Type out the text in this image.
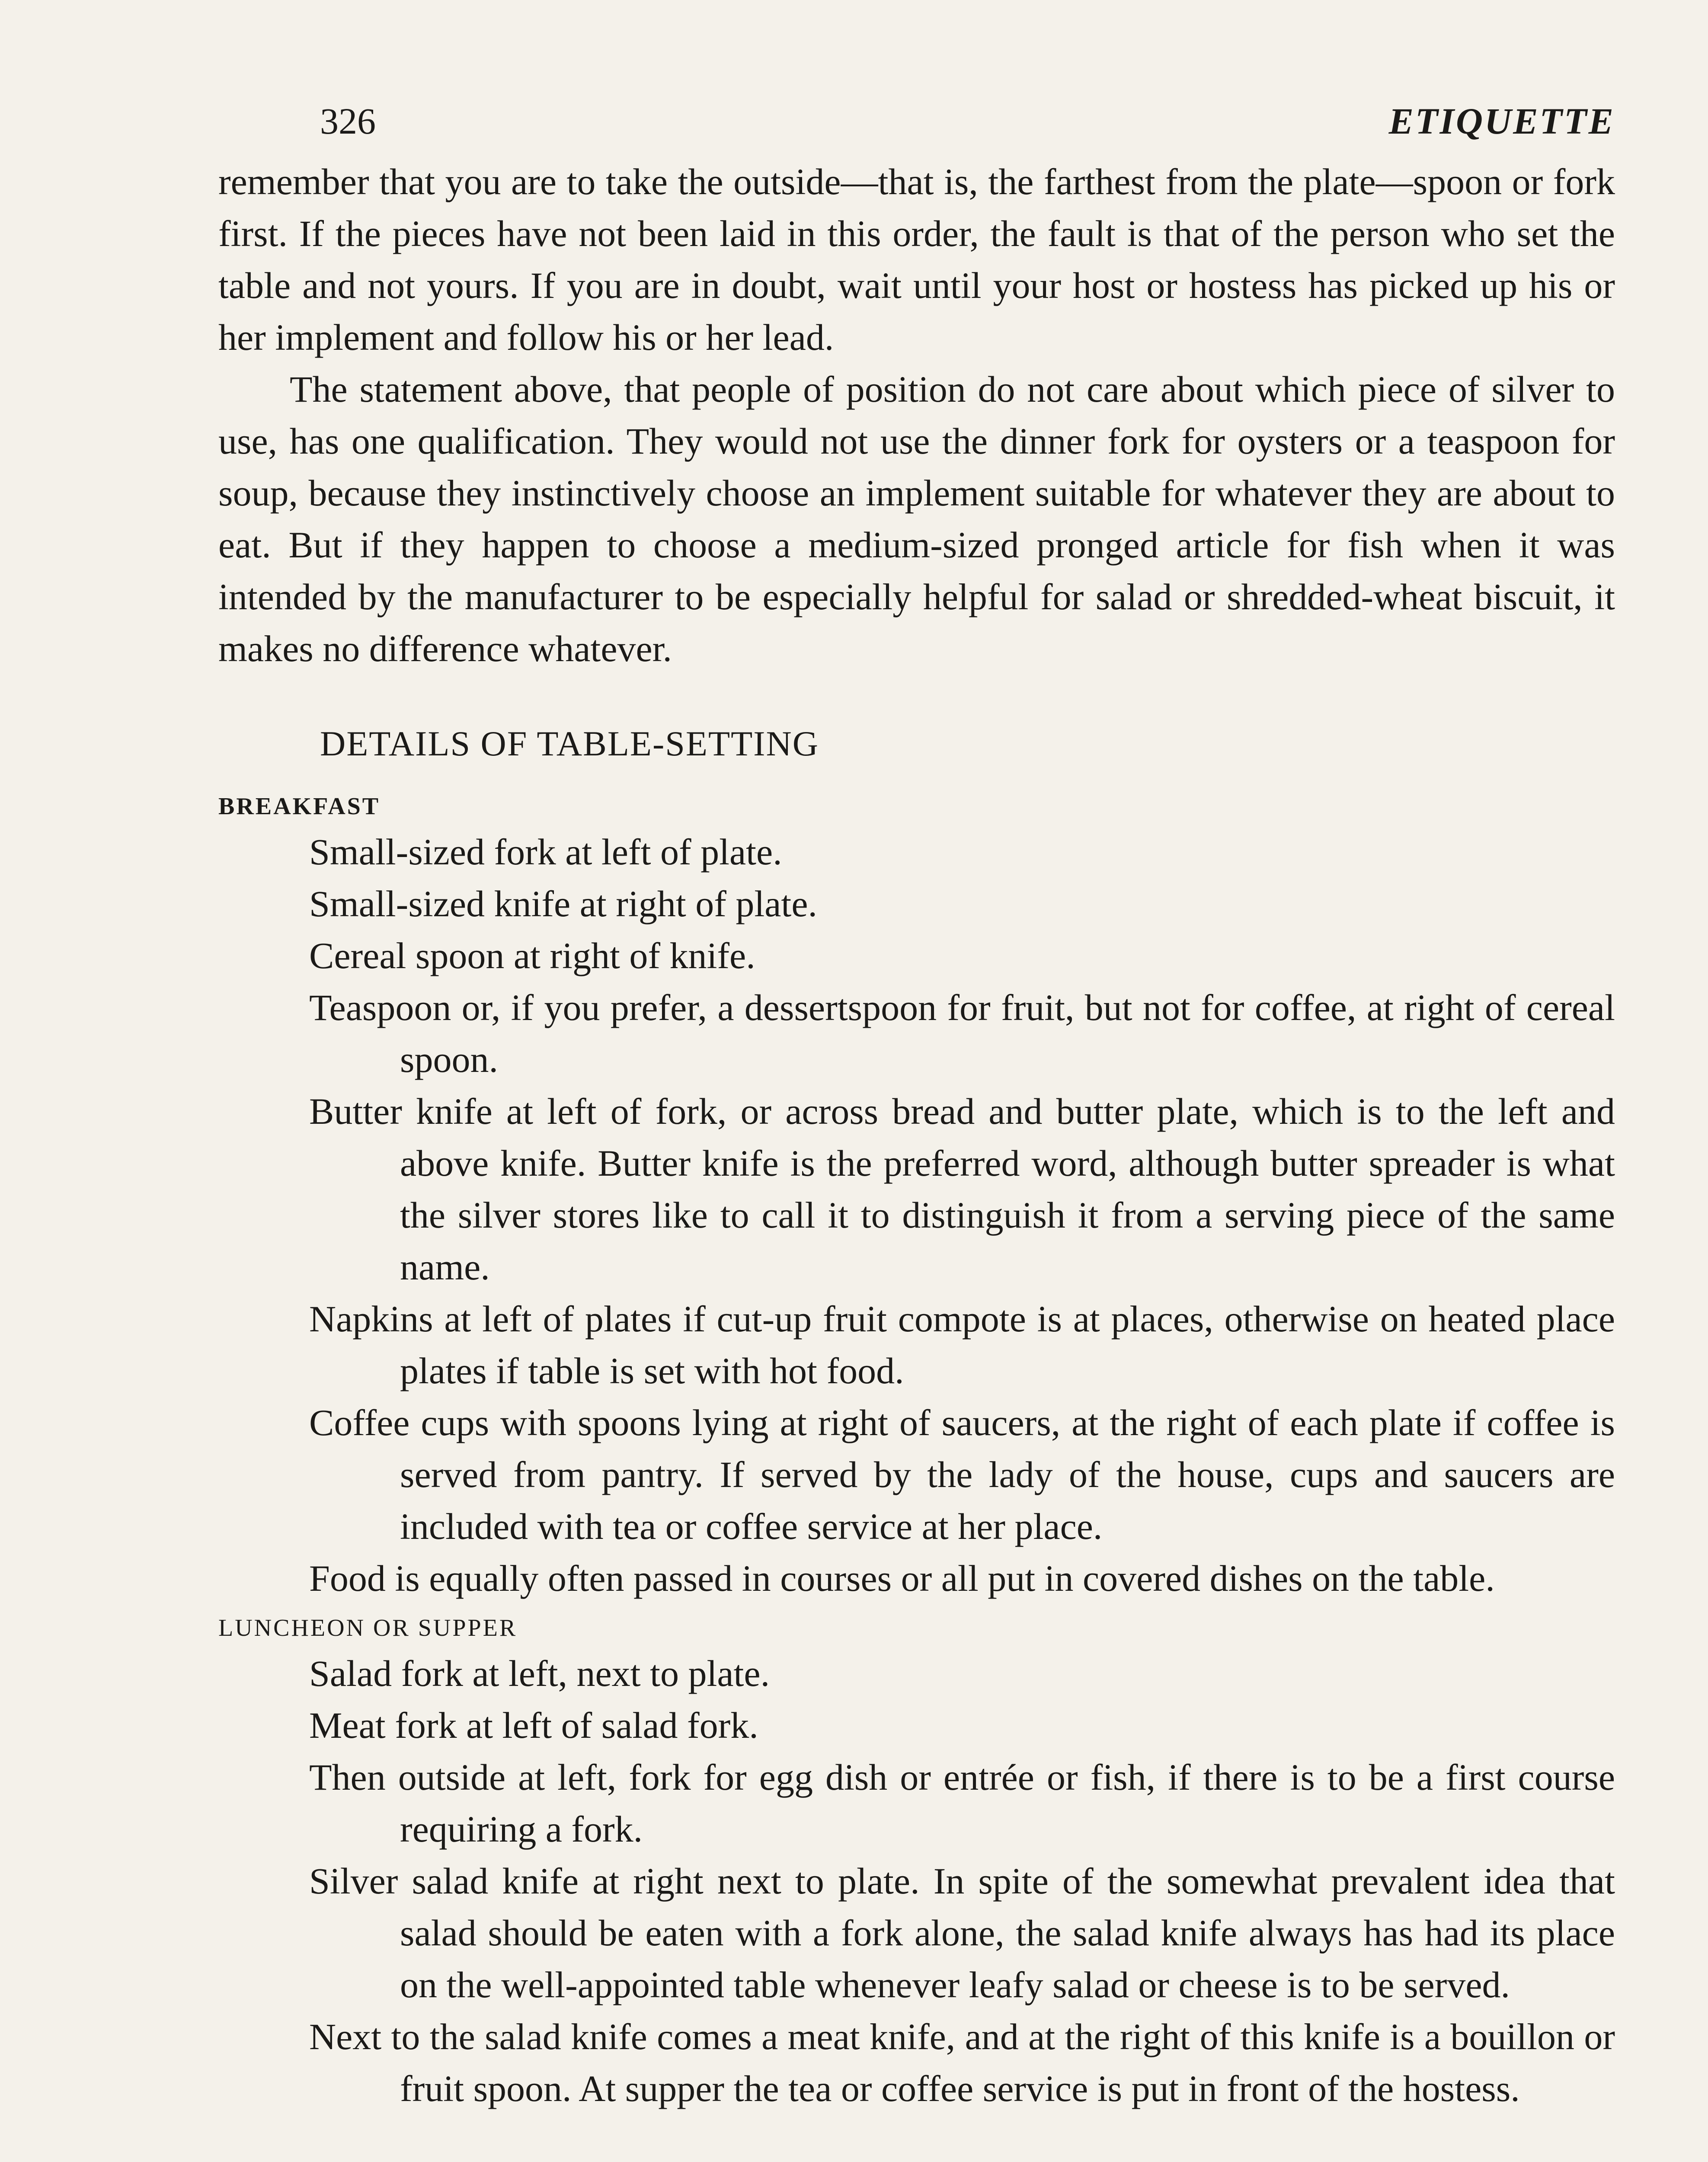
326	ETIQUETTE

remember that you are to take the outside—that is, the farthest from the plate—spoon or fork first. If the pieces have not been laid in this order, the fault is that of the person who set the table and not yours. If you are in doubt, wait until your host or hostess has picked up his or her implement and follow his or her lead.

The statement above, that people of position do not care about which piece of silver to use, has one qualification. They would not use the dinner fork for oysters or a teaspoon for soup, because they instinctively choose an implement suitable for whatever they are about to eat. But if they happen to choose a medium-sized pronged article for fish when it was intended by the manufacturer to be especially helpful for salad or shredded-wheat biscuit, it makes no difference whatever.

DETAILS OF TABLE-SETTING
BREAKFAST
Small-sized fork at left of plate.
Small-sized knife at right of plate.
Cereal spoon at right of knife.
Teaspoon or, if you prefer, a dessertspoon for fruit, but not for coffee, at right of cereal spoon.
Butter knife at left of fork, or across bread and butter plate, which is to the left and above knife. Butter knife is the preferred word, although butter spreader is what the silver stores like to call it to distinguish it from a serving piece of the same name.
Napkins at left of plates if cut-up fruit compote is at places, otherwise on heated place plates if table is set with hot food.
Coffee cups with spoons lying at right of saucers, at the right of each plate if coffee is served from pantry. If served by the lady of the house, cups and saucers are included with tea or coffee service at her place.
Food is equally often passed in courses or all put in covered dishes on the table.
LUNCHEON OR SUPPER
Salad fork at left, next to plate.
Meat fork at left of salad fork.
Then outside at left, fork for egg dish or entrée or fish, if there is to be a first course requiring a fork.
Silver salad knife at right next to plate. In spite of the somewhat prevalent idea that salad should be eaten with a fork alone, the salad knife always has had its place on the well-appointed table whenever leafy salad or cheese is to be served.
Next to the salad knife comes a meat knife, and at the right of this knife is a bouillon or fruit spoon. At supper the tea or coffee service is put in front of the hostess.
